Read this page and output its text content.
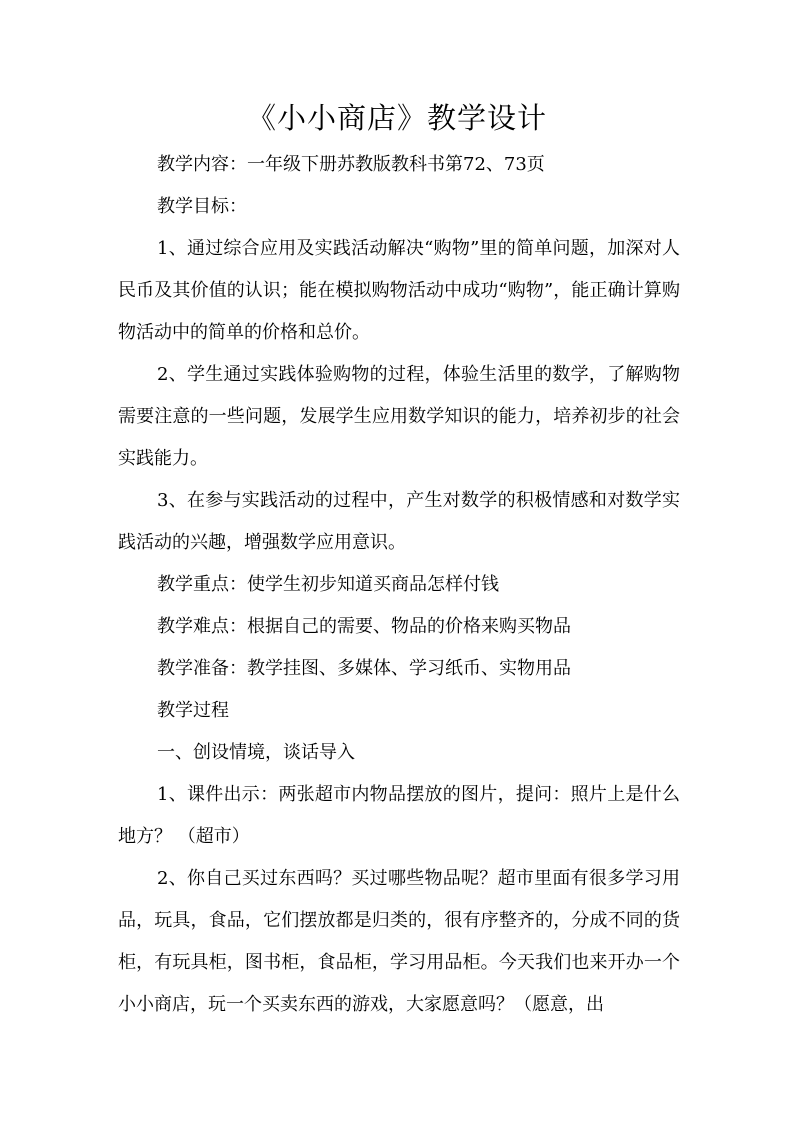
《小小商店》教学设计

教学内容：一年级下册苏教版教科书第72、73页

教学目标：

1、通过综合应用及实践活动解决“购物”里的简单问题，加深对人民币及其价值的认识；能在模拟购物活动中成功“购物”，能正确计算购物活动中的简单的价格和总价。

2、学生通过实践体验购物的过程，体验生活里的数学，了解购物需要注意的一些问题，发展学生应用数学知识的能力，培养初步的社会实践能力。

3、在参与实践活动的过程中，产生对数学的积极情感和对数学实践活动的兴趣，增强数学应用意识。

教学重点：使学生初步知道买商品怎样付钱

教学难点：根据自己的需要、物品的价格来购买物品

教学准备：教学挂图、多媒体、学习纸币、实物用品

教学过程

一、创设情境，谈话导入

1、课件出示：两张超市内物品摆放的图片，提问：照片上是什么地方？ （超市）

2、你自己买过东西吗？买过哪些物品呢？超市里面有很多学习用品，玩具，食品，它们摆放都是归类的，很有序整齐的，分成不同的货柜，有玩具柜，图书柜，食品柜，学习用品柜。今天我们也来开办一个小小商店，玩一个买卖东西的游戏，大家愿意吗？（愿意，出
